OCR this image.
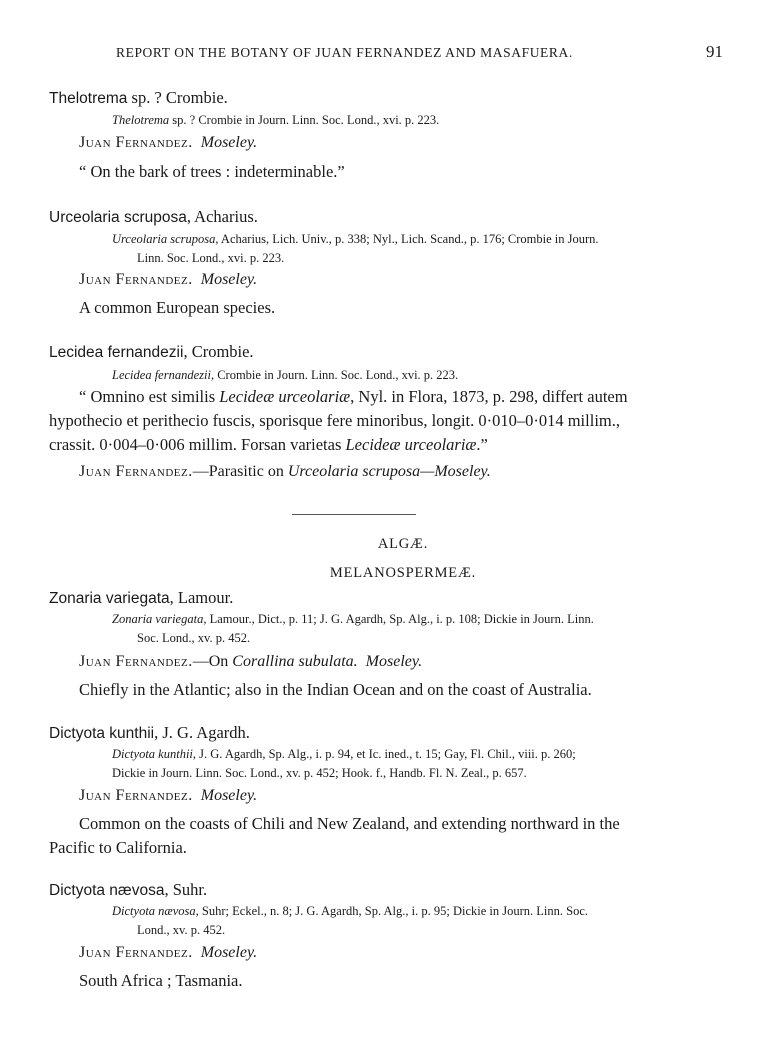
REPORT ON THE BOTANY OF JUAN FERNANDEZ AND MASAFUERA.	91
Thelotrema sp. ? Crombie.
Thelotrema sp. ? Crombie in Journ. Linn. Soc. Lond., xvi. p. 223.
Juan Fernandez. Moseley.
“ On the bark of trees : indeterminable.”
Urceolaria scruposa, Acharius.
Urceolaria scruposa, Acharius, Lich. Univ., p. 338; Nyl., Lich. Scand., p. 176; Crombie in Journ.
Linn. Soc. Lond., xvi. p. 223.
Juan Fernandez. Moseley.
A common European species.
Lecidea fernandezii, Crombie.
Lecidea fernandezii, Crombie in Journ. Linn. Soc. Lond., xvi. p. 223.
“ Omnino est similis Lecideæ urceolariæ, Nyl. in Flora, 1873, p. 298, differt autem
hypothecio et perithecio fuscis, sporisque fere minoribus, longit. 0·010–0·014 millim.,
crassit. 0·004–0·006 millim. Forsan varietas Lecideæ urceolariæ.”
Juan Fernandez.—Parasitic on Urceolaria scruposa—Moseley.
ALGÆ.
MELANOSPERMEÆ.
Zonaria variegata, Lamour.
Zonaria variegata, Lamour., Dict., p. 11; J. G. Agardh, Sp. Alg., i. p. 108; Dickie in Journ. Linn.
Soc. Lond., xv. p. 452.
Juan Fernandez.—On Corallina subulata. Moseley.
Chiefly in the Atlantic; also in the Indian Ocean and on the coast of Australia.
Dictyota kunthii, J. G. Agardh.
Dictyota kunthii, J. G. Agardh, Sp. Alg., i. p. 94, et Ic. ined., t. 15; Gay, Fl. Chil., viii. p. 260;
Dickie in Journ. Linn. Soc. Lond., xv. p. 452; Hook. f., Handb. Fl. N. Zeal., p. 657.
Juan Fernandez. Moseley.
Common on the coasts of Chili and New Zealand, and extending northward in the
Pacific to California.
Dictyota nævosa, Suhr.
Dictyota nævosa, Suhr; Eckel., n. 8; J. G. Agardh, Sp. Alg., i. p. 95; Dickie in Journ. Linn. Soc.
Lond., xv. p. 452.
Juan Fernandez. Moseley.
South Africa ; Tasmania.
